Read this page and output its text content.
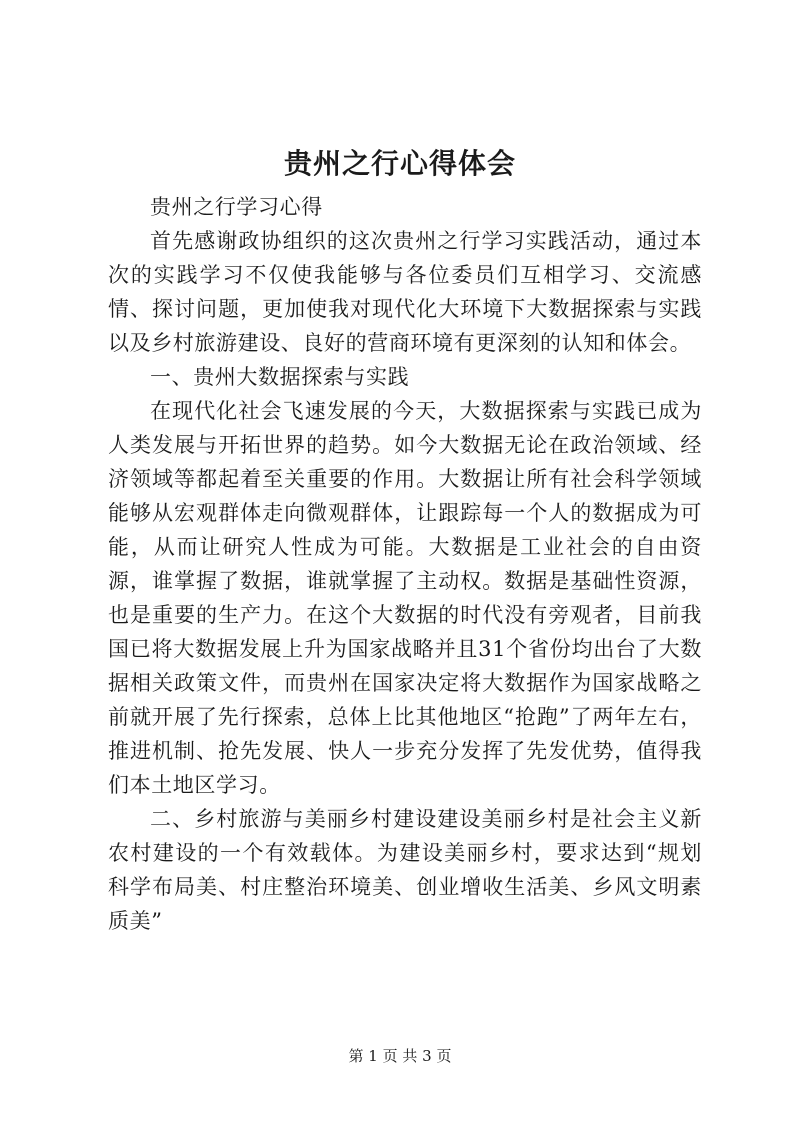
贵州之行心得体会

贵州之行学习心得

首先感谢政协组织的这次贵州之行学习实践活动，通过本次的实践学习不仅使我能够与各位委员们互相学习、交流感情、探讨问题，更加使我对现代化大环境下大数据探索与实践以及乡村旅游建设、良好的营商环境有更深刻的认知和体会。

一、贵州大数据探索与实践

在现代化社会飞速发展的今天，大数据探索与实践已成为人类发展与开拓世界的趋势。如今大数据无论在政治领域、经济领域等都起着至关重要的作用。大数据让所有社会科学领域能够从宏观群体走向微观群体，让跟踪每一个人的数据成为可能，从而让研究人性成为可能。大数据是工业社会的自由资源，谁掌握了数据，谁就掌握了主动权。数据是基础性资源，也是重要的生产力。在这个大数据的时代没有旁观者，目前我国已将大数据发展上升为国家战略并且31个省份均出台了大数据相关政策文件，而贵州在国家决定将大数据作为国家战略之前就开展了先行探索，总体上比其他地区“抢跑”了两年左右，推进机制、抢先发展、快人一步充分发挥了先发优势，值得我们本土地区学习。

二、乡村旅游与美丽乡村建设建设美丽乡村是社会主义新农村建设的一个有效载体。为建设美丽乡村，要求达到“规划科学布局美、村庄整治环境美、创业增收生活美、乡风文明素质美”

第 1 页 共 3 页
